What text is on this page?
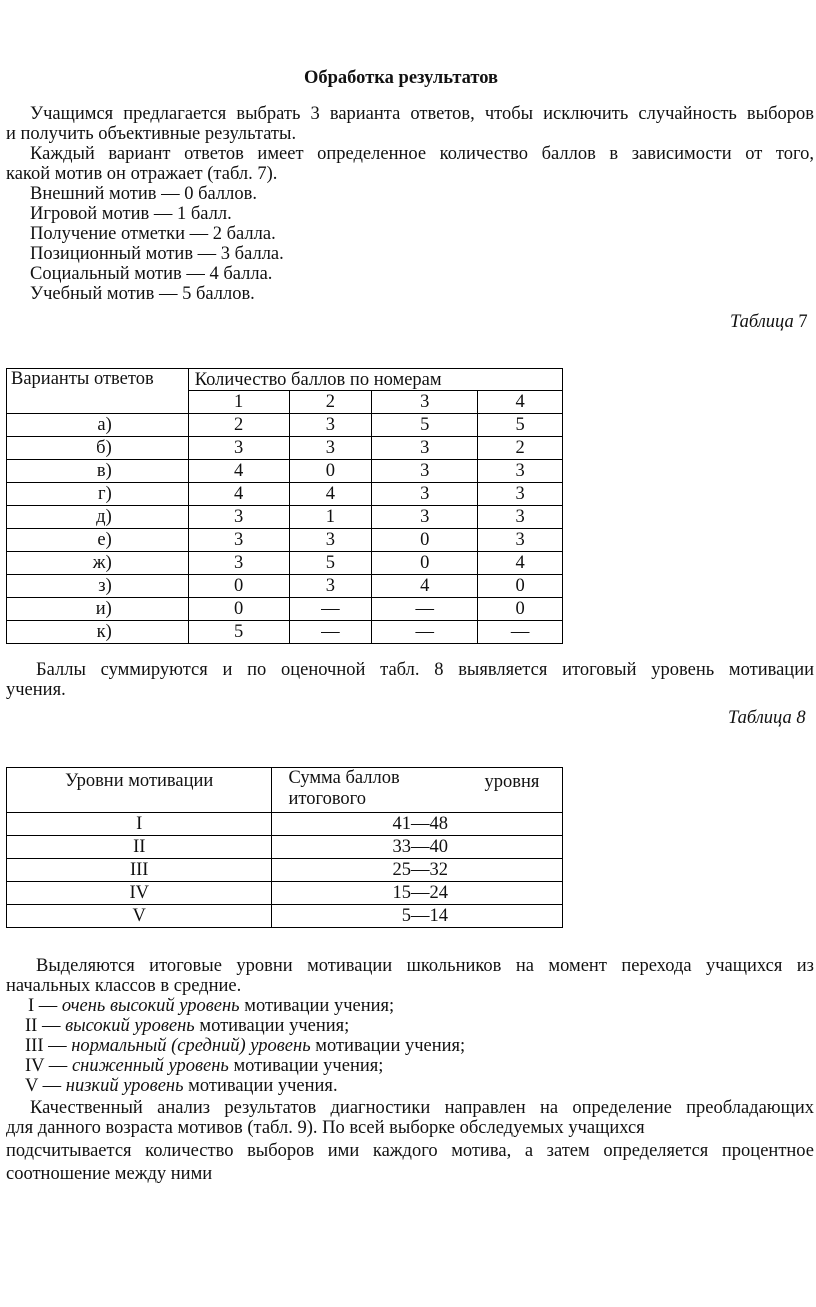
Обработка результатов
Учащимся предлагается выбрать 3 варианта ответов, чтобы исключить случайность выборов
и получить объективные результаты.
Каждый вариант ответов имеет определенное количество баллов в зависимости от того,
какой мотив он отражает (табл. 7).
Внешний мотив — 0 баллов.
Игровой мотив — 1 балл.
Получение отметки — 2 балла.
Позиционный мотив — 3 балла.
Социальный мотив — 4 балла.
Учебный мотив — 5 баллов.
Таблица 7
Варианты ответов	Количество баллов по номерам			
	1	2	3	4
а)	2	3	5	5
б)	3	3	3	2
в)	4	0	3	3
г)	4	4	3	3
д)	3	1	3	3
е)	3	3	0	3
ж)	3	5	0	4
з)	0	3	4	0
и)	0	—	—	0
к)	5	—	—	—
Баллы суммируются и по оценочной табл. 8 выявляется итоговый уровень мотивации
учения.
Таблица 8
Уровни мотивации	Сумма баллов уровня
итогового

I	41—48
II	33—40
III	25—32
IV	15—24
V	5—14
Выделяются итоговые уровни мотивации школьников на момент перехода учащихся из
начальных классов в средние.
I — очень высокий уровень мотивации учения;
II — высокий уровень мотивации учения;
III — нормальный (средний) уровень мотивации учения;
IV — сниженный уровень мотивации учения;
V — низкий уровень мотивации учения.
Качественный анализ результатов диагностики направлен на определение преобладающих
для данного возраста мотивов (табл. 9). По всей выборке обследуемых учащихся
подсчитывается количество выборов ими каждого мотива, а затем определяется процентное
соотношение между ними
